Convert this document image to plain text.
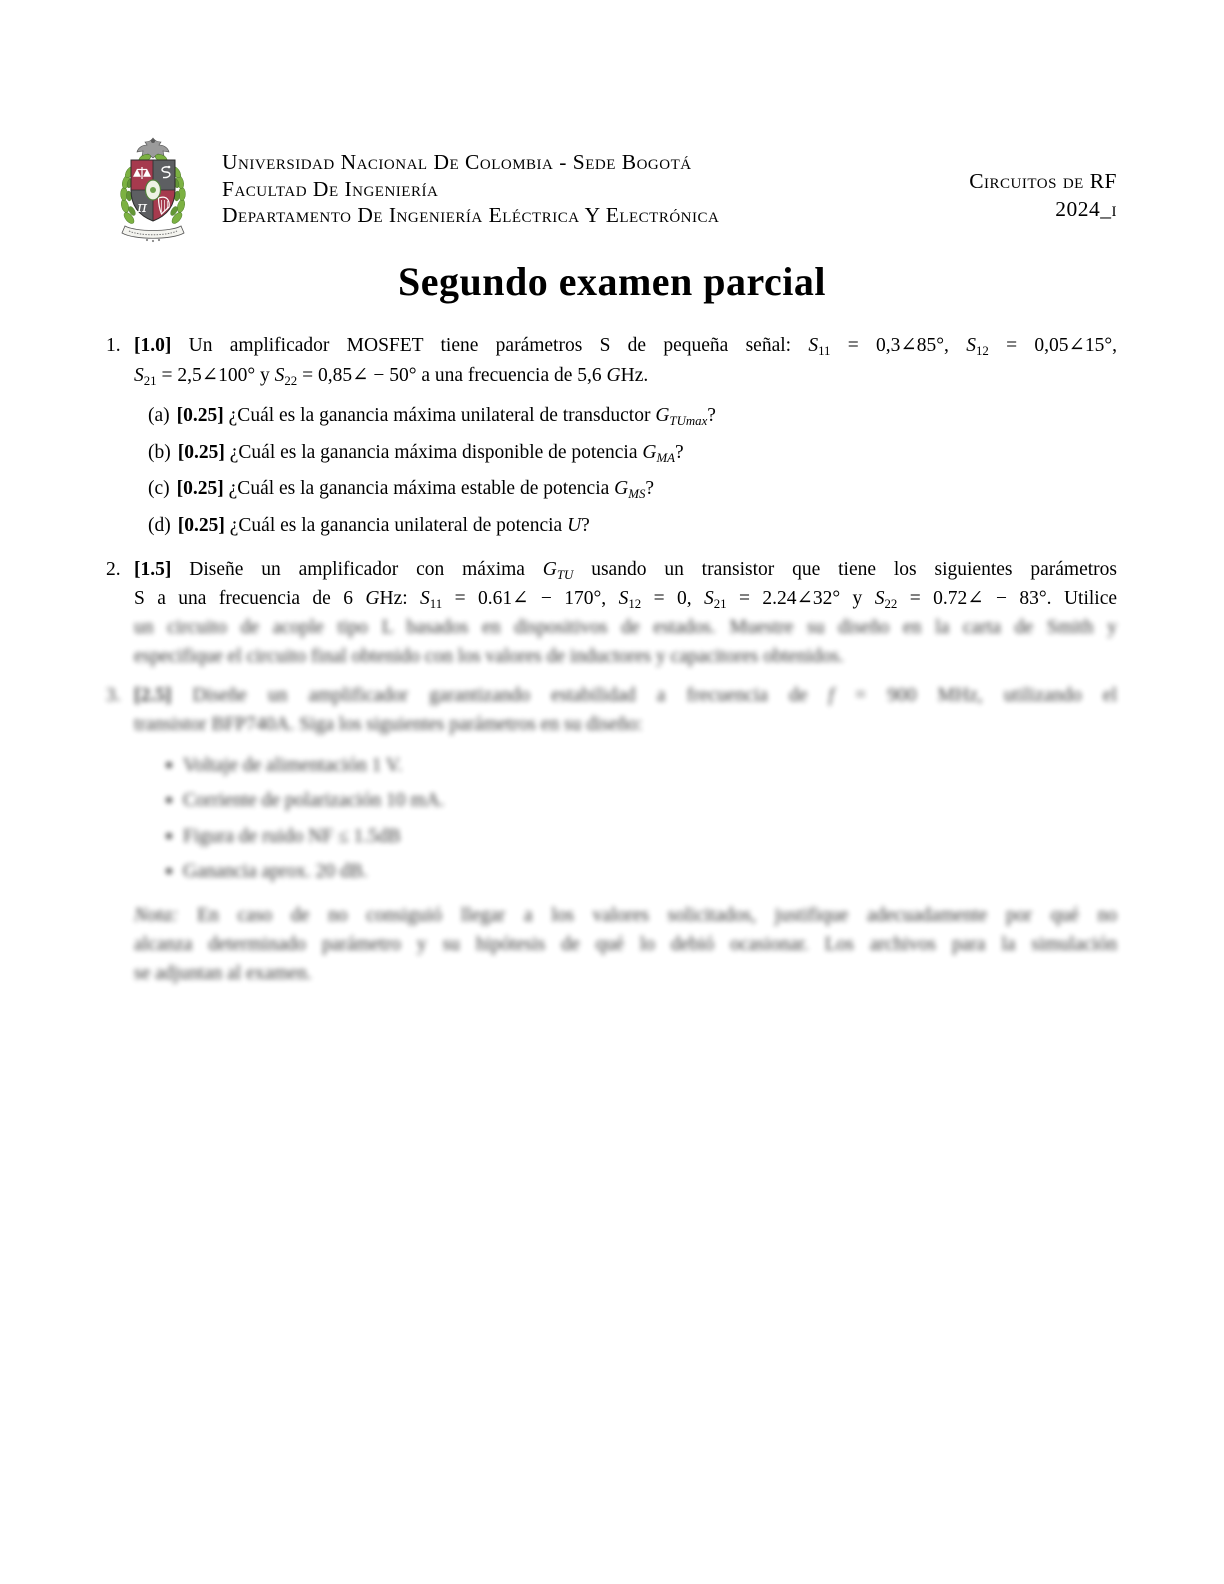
π
Universidad Nacional De Colombia - Sede Bogotá
Facultad De Ingeniería
Departamento De Ingeniería Eléctrica Y Electrónica
Circuitos de RF
2024_i
Segundo examen parcial
1. [1.0] Un amplificador MOSFET tiene parámetros S de pequeña señal: $S_{11}$ = 0,3∠85°, $S_{12}$ = 0,05∠15°,
$S_{21}$ = 2,5∠100° y $S_{22}$ = 0,85∠ − 50° a una frecuencia de 5,6 GHz.
(a) [0.25] ¿Cuál es la ganancia máxima unilateral de transductor $G_{TUmax}$?
(b) [0.25] ¿Cuál es la ganancia máxima disponible de potencia $G_{MA}$?
(c) [0.25] ¿Cuál es la ganancia máxima estable de potencia $G_{MS}$?
(d) [0.25] ¿Cuál es la ganancia unilateral de potencia U?
2. [1.5] Diseñe un amplificador con máxima $G_{TU}$ usando un transistor que tiene los siguientes parámetros
S a una frecuencia de 6 GHz: $S_{11}$ = 0.61∠ − 170°, $S_{12} = 0$, $S_{21}$ = 2.24∠32° y $S_{22}$ = 0.72∠ − 83°. Utilice
un circuito de acople tipo L basados en dispositivos de estados. Muestre su diseño en la carta de Smith y
especifique el circuito final obtenido con los valores de inductores y capacitores obtenidos.
3. [2.5] Diseñe un amplificador garantizando estabilidad a frecuencia de f = 900 MHz, utilizando el
transistor BFP740A. Siga los siguientes parámetros en su diseño:
Voltaje de alimentación 1 V.
Corriente de polarización 10 mA.
Figura de ruido NF ≤ 1.5dB
Ganancia aprox. 20 dB.
Nota: En caso de no consiguió llegar a los valores solicitados, justifique adecuadamente por qué no
alcanza determinado parámetro y su hipótesis de qué lo debió ocasionar. Los archivos para la simulación
se adjuntan al examen.
